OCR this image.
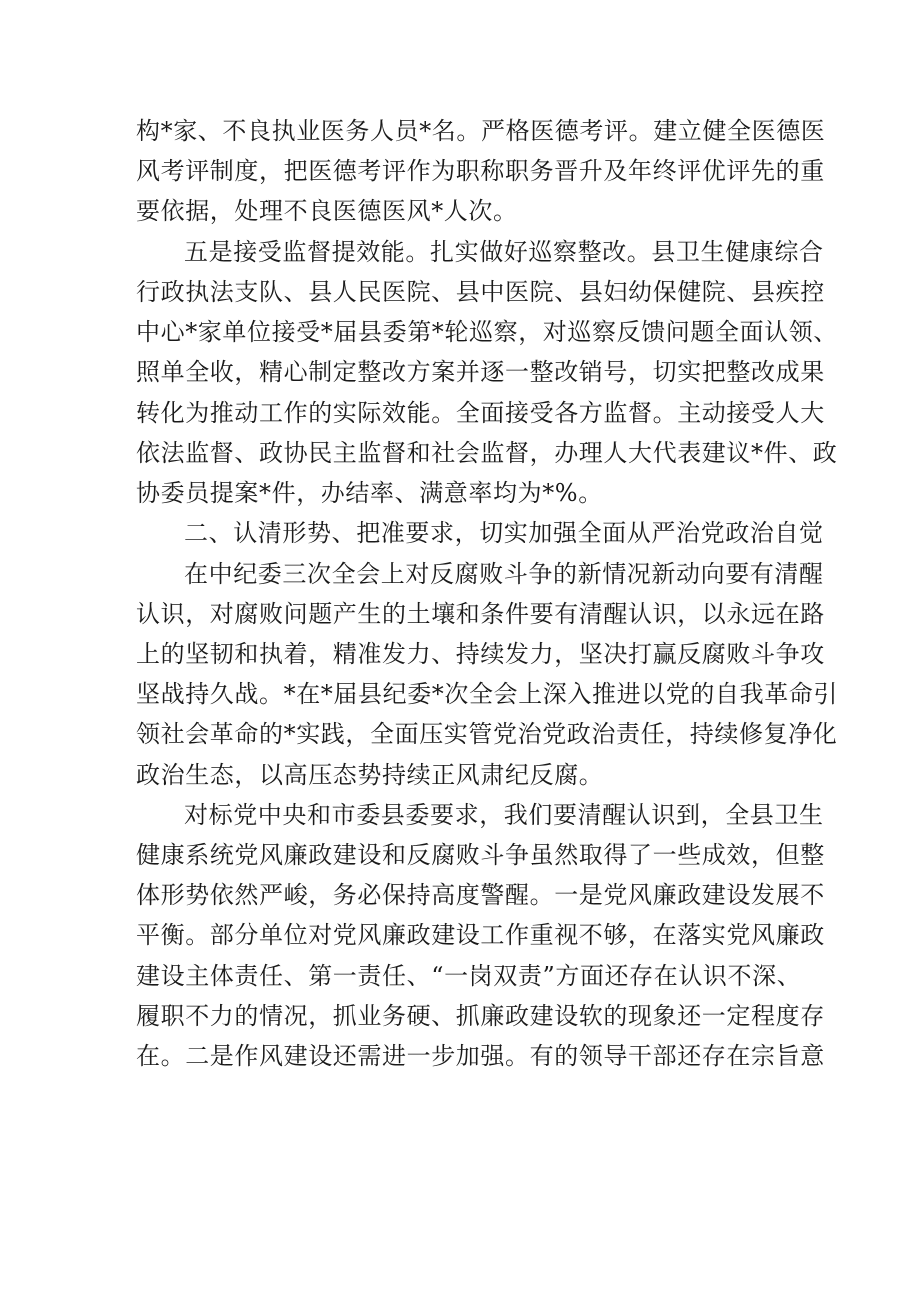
构*家、不良执业医务人员*名。严格医德考评。建立健全医德医
风考评制度，把医德考评作为职称职务晋升及年终评优评先的重
要依据，处理不良医德医风*人次。
五是接受监督提效能。扎实做好巡察整改。县卫生健康综合
行政执法支队、县人民医院、县中医院、县妇幼保健院、县疾控
中心*家单位接受*届县委第*轮巡察，对巡察反馈问题全面认领、
照单全收，精心制定整改方案并逐一整改销号，切实把整改成果
转化为推动工作的实际效能。全面接受各方监督。主动接受人大
依法监督、政协民主监督和社会监督，办理人大代表建议*件、政
协委员提案*件，办结率、满意率均为*%。
二、认清形势、把准要求，切实加强全面从严治党政治自觉
在中纪委三次全会上对反腐败斗争的新情况新动向要有清醒
认识，对腐败问题产生的土壤和条件要有清醒认识，以永远在路
上的坚韧和执着，精准发力、持续发力，坚决打赢反腐败斗争攻
坚战持久战。*在*届县纪委*次全会上深入推进以党的自我革命引
领社会革命的*实践，全面压实管党治党政治责任，持续修复净化
政治生态，以高压态势持续正风肃纪反腐。
对标党中央和市委县委要求，我们要清醒认识到，全县卫生
健康系统党风廉政建设和反腐败斗争虽然取得了一些成效，但整
体形势依然严峻，务必保持高度警醒。一是党风廉政建设发展不
平衡。部分单位对党风廉政建设工作重视不够，在落实党风廉政
建设主体责任、第一责任、“一岗双责”方面还存在认识不深、
履职不力的情况，抓业务硬、抓廉政建设软的现象还一定程度存
在。二是作风建设还需进一步加强。有的领导干部还存在宗旨意
